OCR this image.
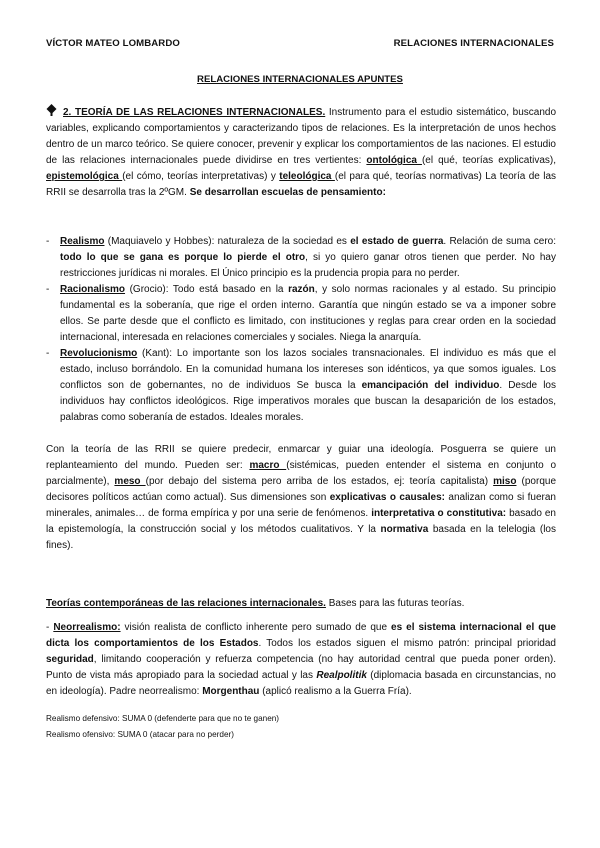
VÍCTOR MATEO LOMBARDO	RELACIONES INTERNACIONALES
RELACIONES INTERNACIONALES APUNTES

2. TEORÍA DE LAS RELACIONES INTERNACIONALES. Instrumento para el estudio sistemático, buscando variables, explicando comportamientos y caracterizando tipos de relaciones. Es la interpretación de unos hechos dentro de un marco teórico. Se quiere conocer, prevenir y explicar los comportamientos de las naciones. El estudio de las relaciones internacionales puede dividirse en tres vertientes: ontológica (el qué, teorías explicativas), epistemológica (el cómo, teorías interpretativas) y teleológica (el para qué, teorías normativas) La teoría de las RRII se desarrolla tras la 2ºGM. Se desarrollan escuelas de pensamiento:

- Realismo (Maquiavelo y Hobbes): naturaleza de la sociedad es el estado de guerra. Relación de suma cero: todo lo que se gana es porque lo pierde el otro, si yo quiero ganar otros tienen que perder. No hay restricciones jurídicas ni morales. El Único principio es la prudencia propia para no perder.

- Racionalismo (Grocio): Todo está basado en la razón, y solo normas racionales y al estado. Su principio fundamental es la soberanía, que rige el orden interno. Garantía que ningún estado se va a imponer sobre ellos. Se parte desde que el conflicto es limitado, con instituciones y reglas para crear orden en la sociedad internacional, interesada en relaciones comerciales y sociales. Niega la anarquía.

- Revolucionismo (Kant): Lo importante son los lazos sociales transnacionales. El individuo es más que el estado, incluso borrándolo. En la comunidad humana los intereses son idénticos, ya que somos iguales. Los conflictos son de gobernantes, no de individuos Se busca la emancipación del individuo. Desde los individuos hay conflictos ideológicos. Rige imperativos morales que buscan la desaparición de los estados, palabras como soberanía de estados. Ideales morales.

Con la teoría de las RRII se quiere predecir, enmarcar y guiar una ideología. Posguerra se quiere un replanteamiento del mundo. Pueden ser: macro (sistémicas, pueden entender el sistema en conjunto o parcialmente), meso (por debajo del sistema pero arriba de los estados, ej: teoría capitalista) miso (porque decisores políticos actúan como actual). Sus dimensiones son explicativas o causales: analizan como si fueran minerales, animales… de forma empírica y por una serie de fenómenos. interpretativa o constitutiva: basado en la epistemología, la construcción social y los métodos cualitativos. Y la normativa basada en la telelogia (los fines).

Teorías contemporáneas de las relaciones internacionales. Bases para las futuras teorías.

- Neorrealismo: visión realista de conflicto inherente pero sumado de que es el sistema internacional el que dicta los comportamientos de los Estados. Todos los estados siguen el mismo patrón: principal prioridad seguridad, limitando cooperación y refuerza competencia (no hay autoridad central que pueda poner orden). Punto de vista más apropiado para la sociedad actual y las Realpolitik (diplomacia basada en circunstancias, no en ideología). Padre neorrealismo: Morgenthau (aplicó realismo a la Guerra Fría).

Realismo defensivo: SUMA 0 (defenderte para que no te ganen)
Realismo ofensivo: SUMA 0 (atacar para no perder)
